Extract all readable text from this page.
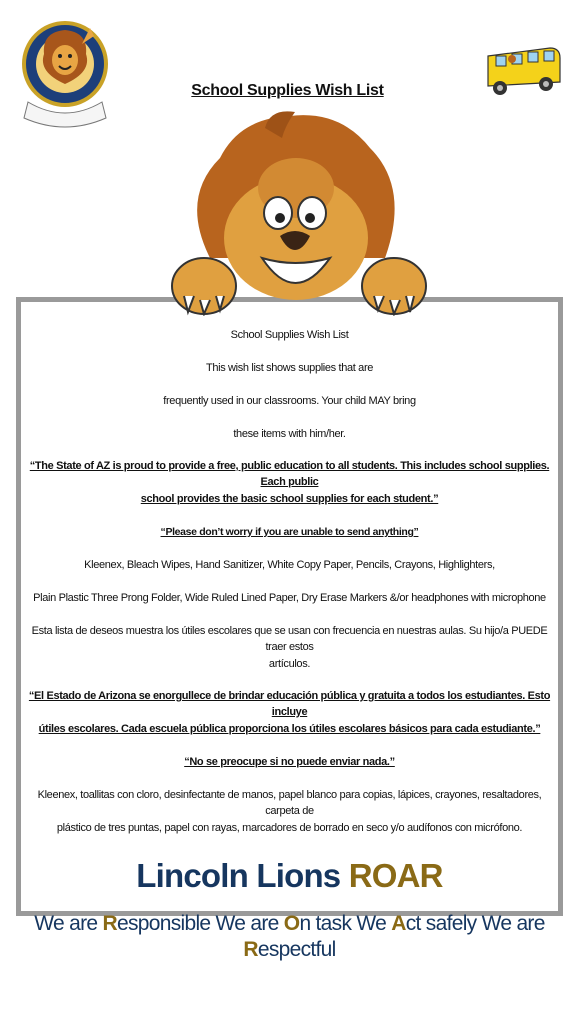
School Supplies Wish List

School Supplies Wish List

This wish list shows supplies that are

frequently used in our classrooms. Your child MAY bring

these items with him/her.

“The State of AZ is proud to provide a free, public education to all students. This includes school supplies. Each public

school provides the basic school supplies for each student.”

“Please don’t worry if you are unable to send anything”

Kleenex, Bleach Wipes, Hand Sanitizer, White Copy Paper, Pencils, Crayons, Highlighters,

Plain Plastic Three Prong Folder, Wide Ruled Lined Paper, Dry Erase Markers &/or headphones with microphone

Esta lista de deseos muestra los útiles escolares que se usan con frecuencia en nuestras aulas. Su hijo/a PUEDE traer estos

artículos.

“El Estado de Arizona se enorgullece de brindar educación pública y gratuita a todos los estudiantes. Esto incluye

útiles escolares. Cada escuela pública proporciona los útiles escolares básicos para cada estudiante.”

“No se preocupe si no puede enviar nada.”

Kleenex, toallitas con cloro, desinfectante de manos, papel blanco para copias, lápices, crayones, resaltadores, carpeta de

plástico de tres puntas, papel con rayas, marcadores de borrado en seco y/o audífonos con micrófono.

Lincoln Lions ROAR

We are Responsible We are On task We Act safely We are Respectful
